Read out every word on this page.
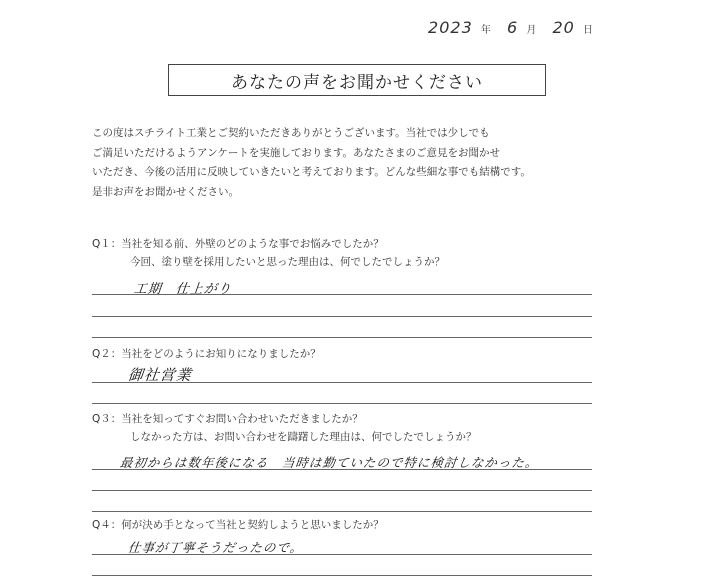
2023 年 6 月 20 日
あなたの声をお聞かせください
この度はスチライト工業とご契約いただきありがとうございます。当社では少しでも
ご満足いただけるようアンケートを実施しております。あなたさまのご意見をお聞かせ
いただき、今後の活用に反映していきたいと考えております。どんな些細な事でも結構です。
是非お声をお聞かせください。
Q１：当社を知る前、外壁のどのような事でお悩みでしたか？
今回、塗り壁を採用したいと思った理由は、何でしたでしょうか？
工期　仕上がり
Q２：当社をどのようにお知りになりましたか？
御社営業
Q３：当社を知ってすぐお問い合わせいただきましたか？
しなかった方は、お問い合わせを躊躇した理由は、何でしたでしょうか？
最初からは数年後になる　当時は勤ていたので特に検討しなかった。
Q４：何が決め手となって当社と契約しようと思いましたか？
仕事が丁寧そうだったので。
